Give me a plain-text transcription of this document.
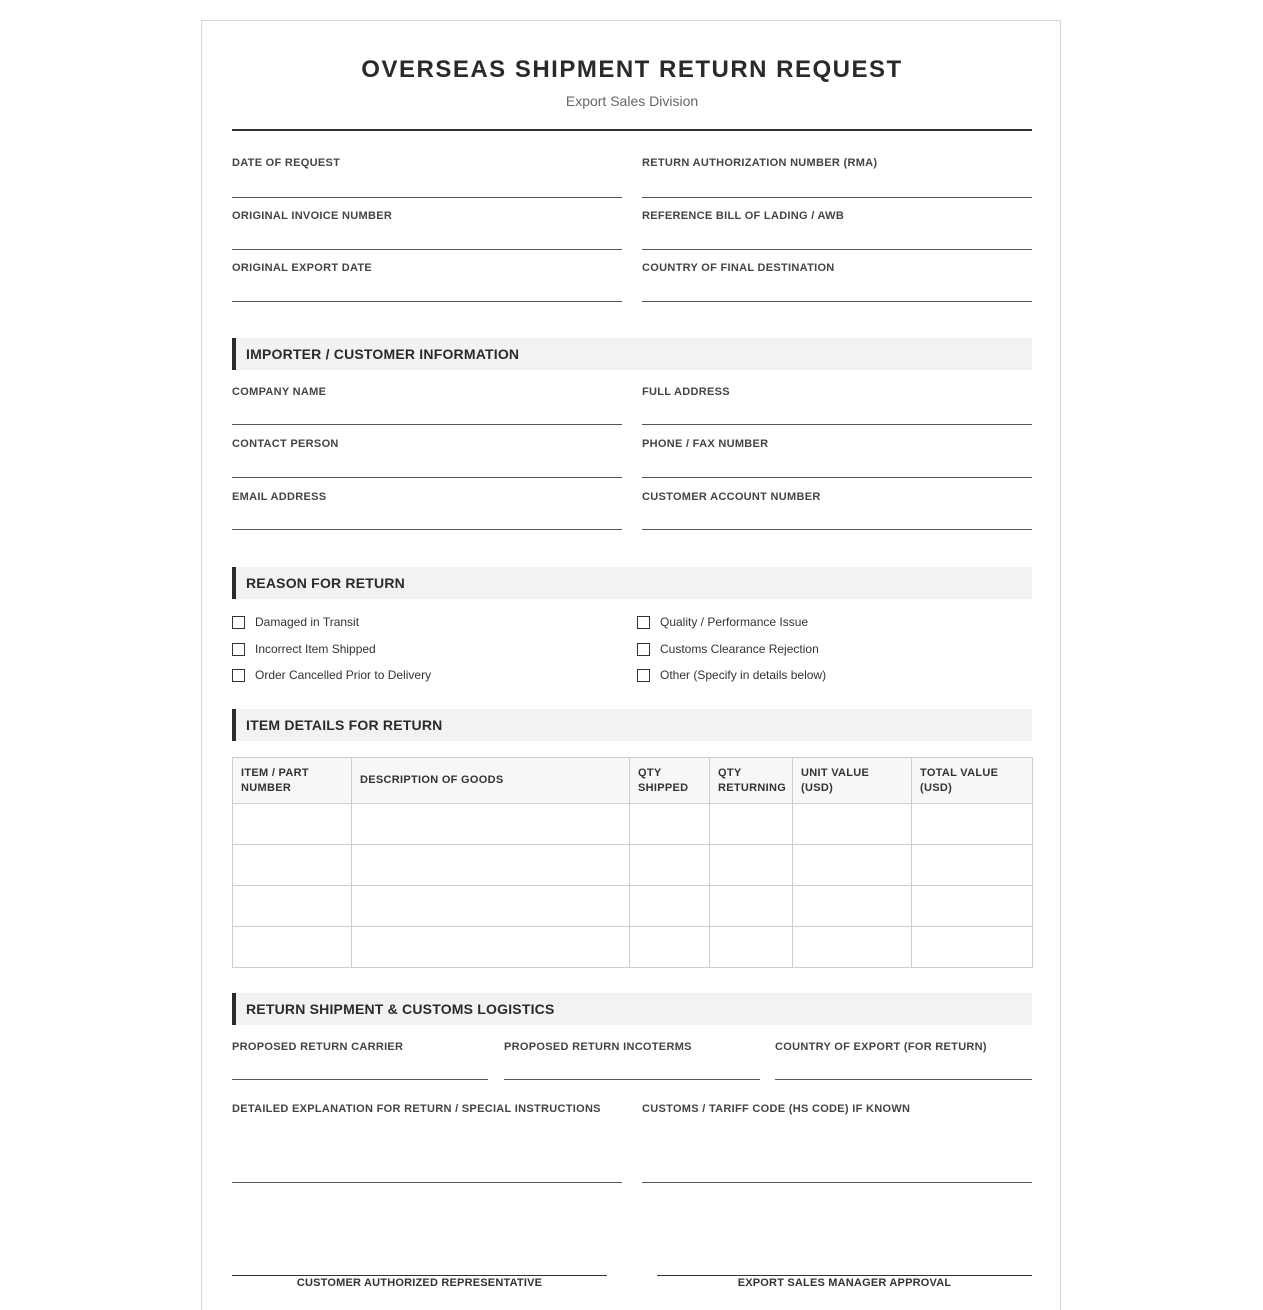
OVERSEAS SHIPMENT RETURN REQUEST
Export Sales Division
DATE OF REQUEST	RETURN AUTHORIZATION NUMBER (RMA)
ORIGINAL INVOICE NUMBER	REFERENCE BILL OF LADING / AWB
ORIGINAL EXPORT DATE	COUNTRY OF FINAL DESTINATION
IMPORTER / CUSTOMER INFORMATION
COMPANY NAME	FULL ADDRESS
CONTACT PERSON	PHONE / FAX NUMBER
EMAIL ADDRESS	CUSTOMER ACCOUNT NUMBER
REASON FOR RETURN
Damaged in Transit	Quality / Performance Issue
Incorrect Item Shipped	Customs Clearance Rejection
Order Cancelled Prior to Delivery	Other (Specify in details below)
ITEM DETAILS FOR RETURN
ITEM / PART NUMBER	DESCRIPTION OF GOODS	QTY SHIPPED	QTY RETURNING	UNIT VALUE (USD)	TOTAL VALUE (USD)

RETURN SHIPMENT & CUSTOMS LOGISTICS
PROPOSED RETURN CARRIER	PROPOSED RETURN INCOTERMS	COUNTRY OF EXPORT (FOR RETURN)
DETAILED EXPLANATION FOR RETURN / SPECIAL INSTRUCTIONS	CUSTOMS / TARIFF CODE (HS CODE) IF KNOWN
CUSTOMER AUTHORIZED REPRESENTATIVE	EXPORT SALES MANAGER APPROVAL
